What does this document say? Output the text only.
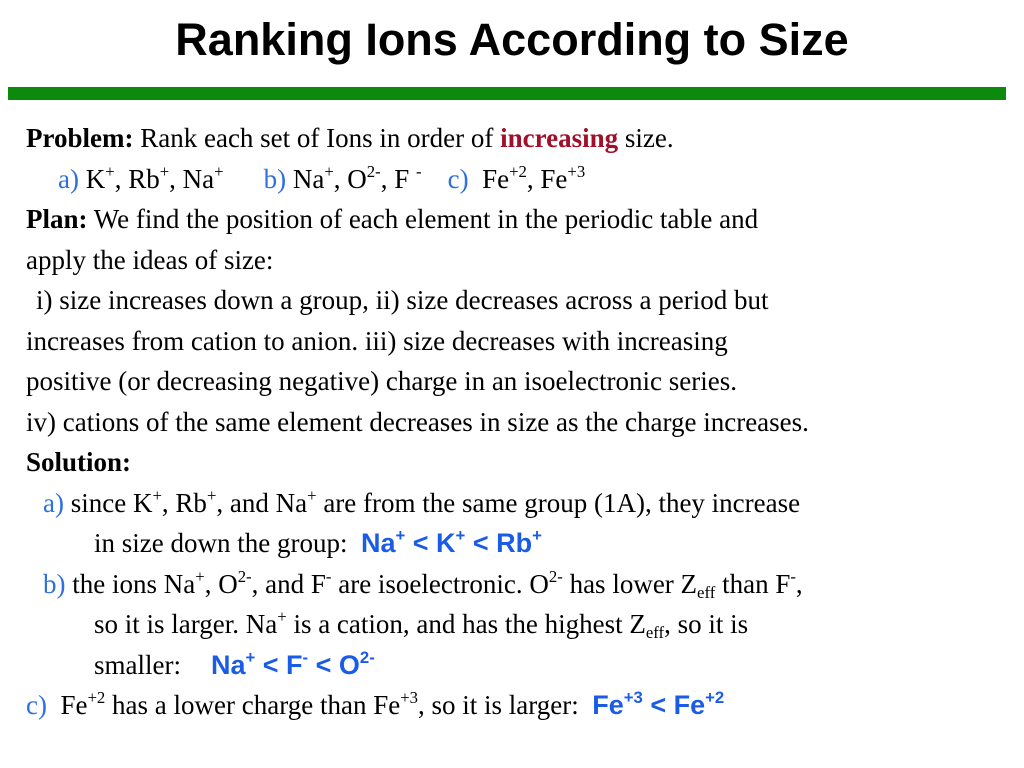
Ranking Ions According to Size
Problem: Rank each set of Ions in order of increasing size.
a) K+, Rb+, Na+ b) Na+, $O^{2-}$, F - c) $Fe^{+2}$, $Fe^{+3}$
Plan: We find the position of each element in the periodic table and
apply the ideas of size:
i) size increases down a group, ii) size decreases across a period but
increases from cation to anion. iii) size decreases with increasing
positive (or decreasing negative) charge in an isoelectronic series.
iv) cations of the same element decreases in size as the charge increases.
Solution:
a) since K+, Rb+, and Na+ are from the same group (1A), they increase
in size down the group: Na+ < K+ < Rb+
b) the ions Na+, $O^{2-}$, and F- are isoelectronic. $O^{2-}$ has lower $Z_{eff}$ than F-,
so it is larger. Na+ is a cation, and has the highest $Z_{eff}$, so it is
smaller: $Na^+ < F^- < O^{2-}$
c) $Fe^{+2}$ has a lower charge than $Fe^{+3}$, so it is larger: $Fe^{+3} < Fe^{+2}$
